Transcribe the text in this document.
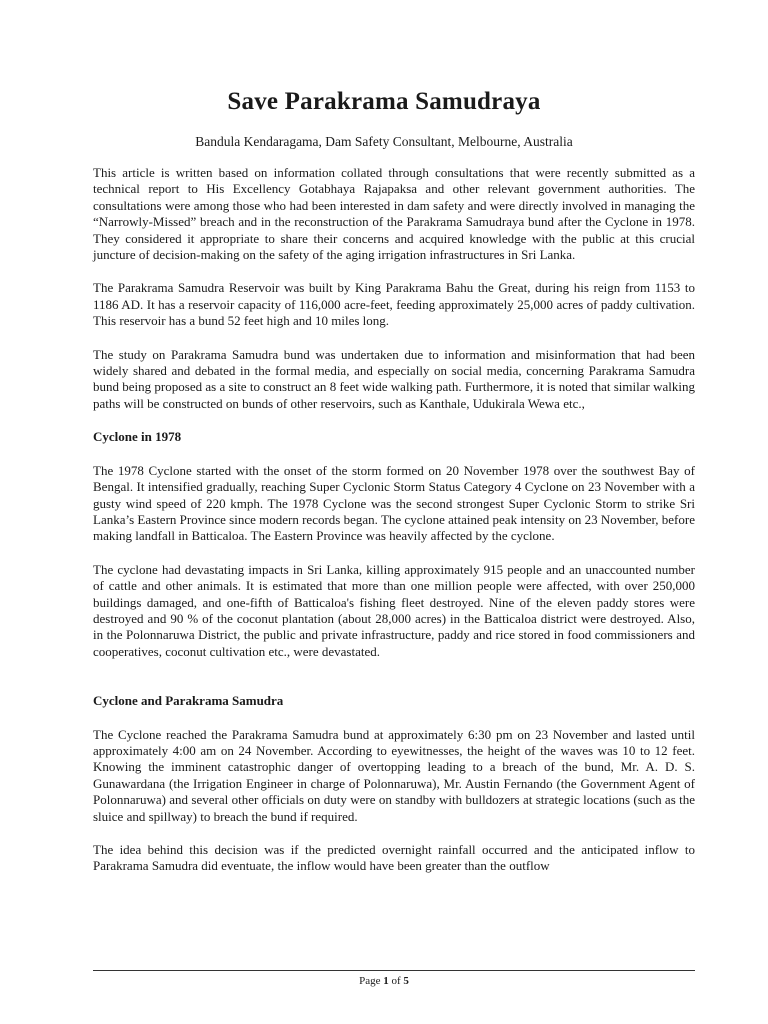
Save Parakrama Samudraya
Bandula Kendaragama, Dam Safety Consultant, Melbourne, Australia

This article is written based on information collated through consultations that were recently submitted as a technical report to His Excellency Gotabhaya Rajapaksa and other relevant government authorities. The consultations were among those who had been interested in dam safety and were directly involved in managing the “Narrowly-Missed” breach and in the reconstruction of the Parakrama Samudraya bund after the Cyclone in 1978. They considered it appropriate to share their concerns and acquired knowledge with the public at this crucial juncture of decision-making on the safety of the aging irrigation infrastructures in Sri Lanka.

The Parakrama Samudra Reservoir was built by King Parakrama Bahu the Great, during his reign from 1153 to 1186 AD. It has a reservoir capacity of 116,000 acre-feet, feeding approximately 25,000 acres of paddy cultivation. This reservoir has a bund 52 feet high and 10 miles long.

The study on Parakrama Samudra bund was undertaken due to information and misinformation that had been widely shared and debated in the formal media, and especially on social media, concerning Parakrama Samudra bund being proposed as a site to construct an 8 feet wide walking path. Furthermore, it is noted that similar walking paths will be constructed on bunds of other reservoirs, such as Kanthale, Udukirala Wewa etc.,

Cyclone in 1978

The 1978 Cyclone started with the onset of the storm formed on 20 November 1978 over the southwest Bay of Bengal. It intensified gradually, reaching Super Cyclonic Storm Status Category 4 Cyclone on 23 November with a gusty wind speed of 220 kmph. The 1978 Cyclone was the second strongest Super Cyclonic Storm to strike Sri Lanka’s Eastern Province since modern records began. The cyclone attained peak intensity on 23 November, before making landfall in Batticaloa. The Eastern Province was heavily affected by the cyclone.

The cyclone had devastating impacts in Sri Lanka, killing approximately 915 people and an unaccounted number of cattle and other animals. It is estimated that more than one million people were affected, with over 250,000 buildings damaged, and one-fifth of Batticaloa's fishing fleet destroyed. Nine of the eleven paddy stores were destroyed and 90 % of the coconut plantation (about 28,000 acres) in the Batticaloa district were destroyed. Also, in the Polonnaruwa District, the public and private infrastructure, paddy and rice stored in food commissioners and cooperatives, coconut cultivation etc., were devastated.

Cyclone and Parakrama Samudra

The Cyclone reached the Parakrama Samudra bund at approximately 6:30 pm on 23 November and lasted until approximately 4:00 am on 24 November. According to eyewitnesses, the height of the waves was 10 to 12 feet. Knowing the imminent catastrophic danger of overtopping leading to a breach of the bund, Mr. A. D. S. Gunawardana (the Irrigation Engineer in charge of Polonnaruwa), Mr. Austin Fernando (the Government Agent of Polonnaruwa) and several other officials on duty were on standby with bulldozers at strategic locations (such as the sluice and spillway) to breach the bund if required.

The idea behind this decision was if the predicted overnight rainfall occurred and the anticipated inflow to Parakrama Samudra did eventuate, the inflow would have been greater than the outflow

Page 1 of 5
